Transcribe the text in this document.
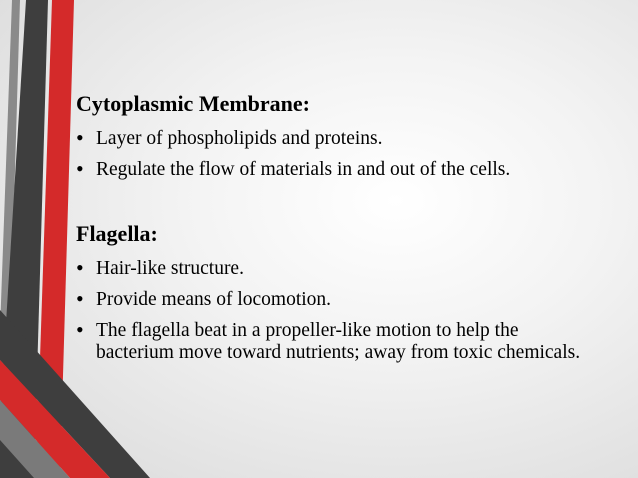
Cytoplasmic Membrane:

• Layer of phospholipids and proteins.
• Regulate the flow of materials in and out of the cells.

Flagella:

• Hair-like structure.
• Provide means of locomotion.
• The flagella beat in a propeller-like motion to help the bacterium move toward nutrients; away from toxic chemicals.
